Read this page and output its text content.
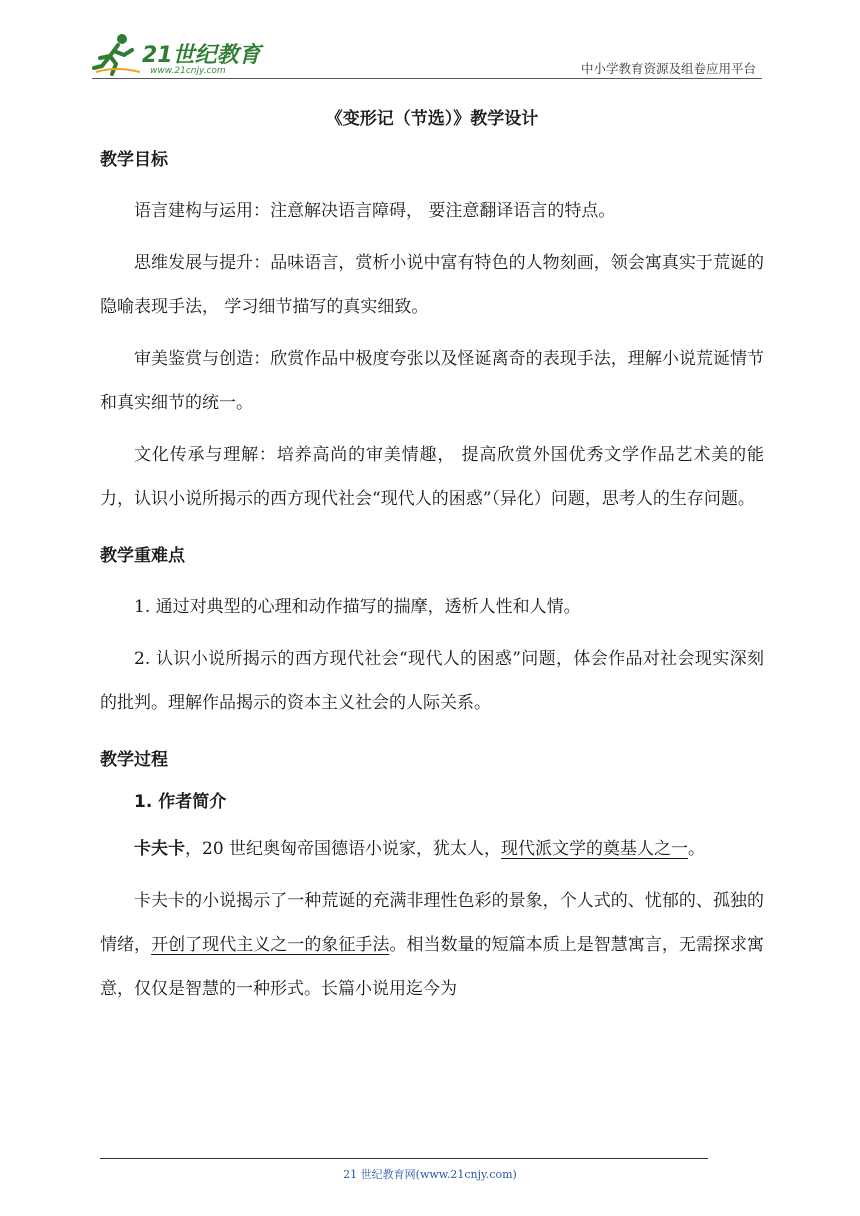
21世纪教育
www.21cnjy.com	中小学教育资源及组卷应用平台

《变形记（节选）》教学设计

教学目标

语言建构与运用：注意解决语言障碍， 要注意翻译语言的特点。

思维发展与提升：品味语言，赏析小说中富有特色的人物刻画，领会寓真实于荒诞的隐喻表现手法， 学习细节描写的真实细致。

审美鉴赏与创造：欣赏作品中极度夸张以及怪诞离奇的表现手法，理解小说荒诞情节和真实细节的统一。

文化传承与理解：培养高尚的审美情趣， 提高欣赏外国优秀文学作品艺术美的能力，认识小说所揭示的西方现代社会“现代人的困惑”（异化）问题，思考人的生存问题。

教学重难点

1. 通过对典型的心理和动作描写的揣摩，透析人性和人情。

2. 认识小说所揭示的西方现代社会“现代人的困惑”问题，体会作品对社会现实深刻的批判。理解作品揭示的资本主义社会的人际关系。

教学过程

1. 作者简介

卡夫卡，20 世纪奥匈帝国德语小说家，犹太人，现代派文学的奠基人之一。

卡夫卡的小说揭示了一种荒诞的充满非理性色彩的景象，个人式的、忧郁的、孤独的情绪，开创了现代主义之一的象征手法。相当数量的短篇本质上是智慧寓言，无需探求寓意，仅仅是智慧的一种形式。长篇小说用迄今为

21 世纪教育网(www.21cnjy.com)
